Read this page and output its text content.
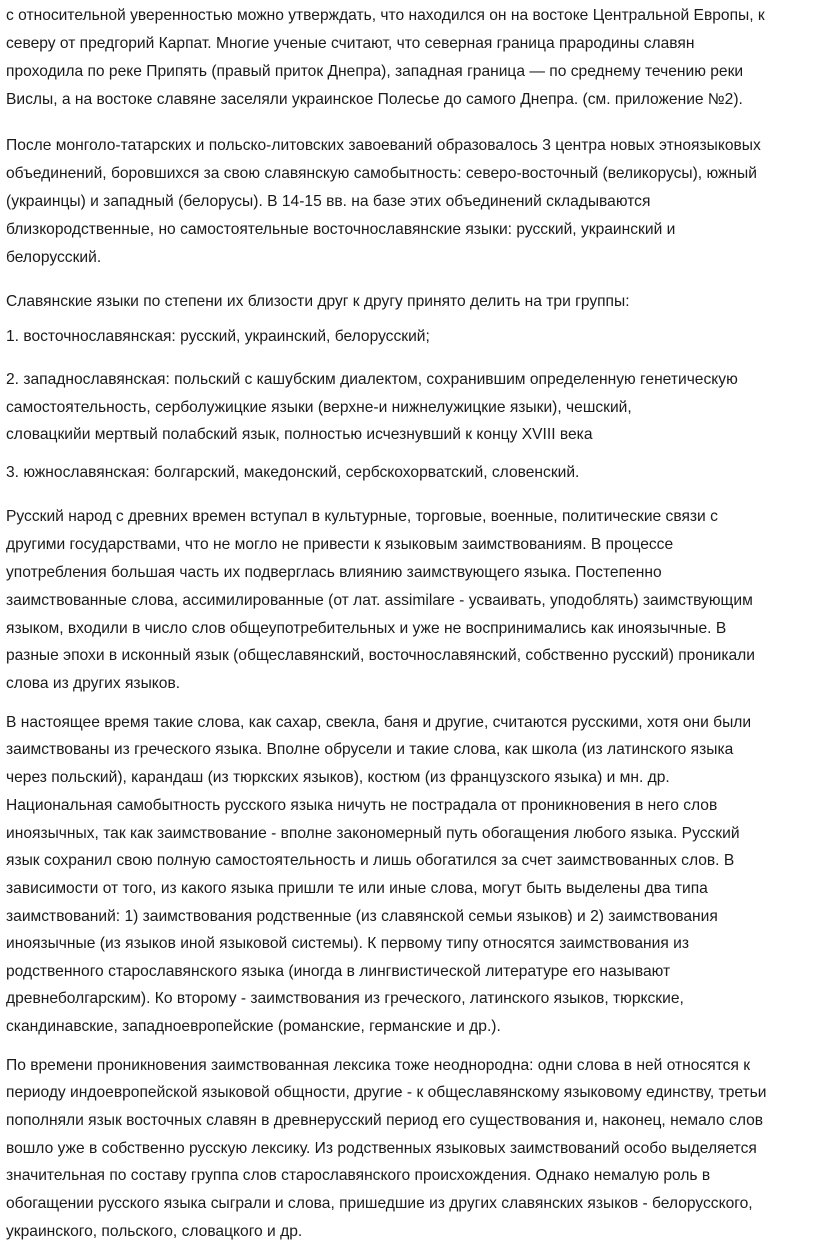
с относительной уверенностью можно утверждать, что находился он на востоке Центральной Европы, к
северу от предгорий Карпат. Многие ученые считают, что северная граница прародины славян
проходила по реке Припять (правый приток Днепра), западная граница — по среднему течению реки
Вислы, а на востоке славяне заселяли украинское Полесье до самого Днепра. (см. приложение №2).
После монголо-татарских и польско-литовских завоеваний образовалось 3 центра новых этноязыковых
объединений, боровшихся за свою славянскую самобытность: северо-восточный (великорусы), южный
(украинцы) и западный (белорусы). В 14-15 вв. на базе этих объединений складываются
близкородственные, но самостоятельные восточнославянские языки: русский, украинский и
белорусский.
Славянские языки по степени их близости друг к другу принято делить на три группы:
1. восточнославянская: русский, украинский, белорусский;
2. западнославянская: польский с кашубским диалектом, сохранившим определенную генетическую
самостоятельность, серболужицкие языки (верхне-и нижнелужицкие языки), чешский,
словацкийи мертвый полабский язык, полностью исчезнувший к концу XVIII века
3. южнославянская: болгарский, македонский, сербскохорватский, словенский.
Русский народ с древних времен вступал в культурные, торговые, военные, политические связи с
другими государствами, что не могло не привести к языковым заимствованиям. В процессе
употребления большая часть их подверглась влиянию заимствующего языка. Постепенно
заимствованные слова, ассимилированные (от лат. assimilare - усваивать, уподоблять) заимствующим
языком, входили в число слов общеупотребительных и уже не воспринимались как иноязычные. В
разные эпохи в исконный язык (общеславянский, восточнославянский, собственно русский) проникали
слова из других языков.
В настоящее время такие слова, как сахар, свекла, баня и другие, считаются русскими, хотя они были
заимствованы из греческого языка. Вполне обрусели и такие слова, как школа (из латинского языка
через польский), карандаш (из тюркских языков), костюм (из французского языка) и мн. др.
Национальная самобытность русского языка ничуть не пострадала от проникновения в него слов
иноязычных, так как заимствование - вполне закономерный путь обогащения любого языка. Русский
язык сохранил свою полную самостоятельность и лишь обогатился за счет заимствованных слов. В
зависимости от того, из какого языка пришли те или иные слова, могут быть выделены два типа
заимствований: 1) заимствования родственные (из славянской семьи языков) и 2) заимствования
иноязычные (из языков иной языковой системы). К первому типу относятся заимствования из
родственного старославянского языка (иногда в лингвистической литературе его называют
древнеболгарским). Ко второму - заимствования из греческого, латинского языков, тюркские,
скандинавские, западноевропейские (романские, германские и др.).
По времени проникновения заимствованная лексика тоже неоднородна: одни слова в ней относятся к
периоду индоевропейской языковой общности, другие - к общеславянскому языковому единству, третьи
пополняли язык восточных славян в древнерусский период его существования и, наконец, немало слов
вошло уже в собственно русскую лексику. Из родственных языковых заимствований особо выделяется
значительная по составу группа слов старославянского происхождения. Однако немалую роль в
обогащении русского языка сыграли и слова, пришедшие из других славянских языков - белорусского,
украинского, польского, словацкого и др.
